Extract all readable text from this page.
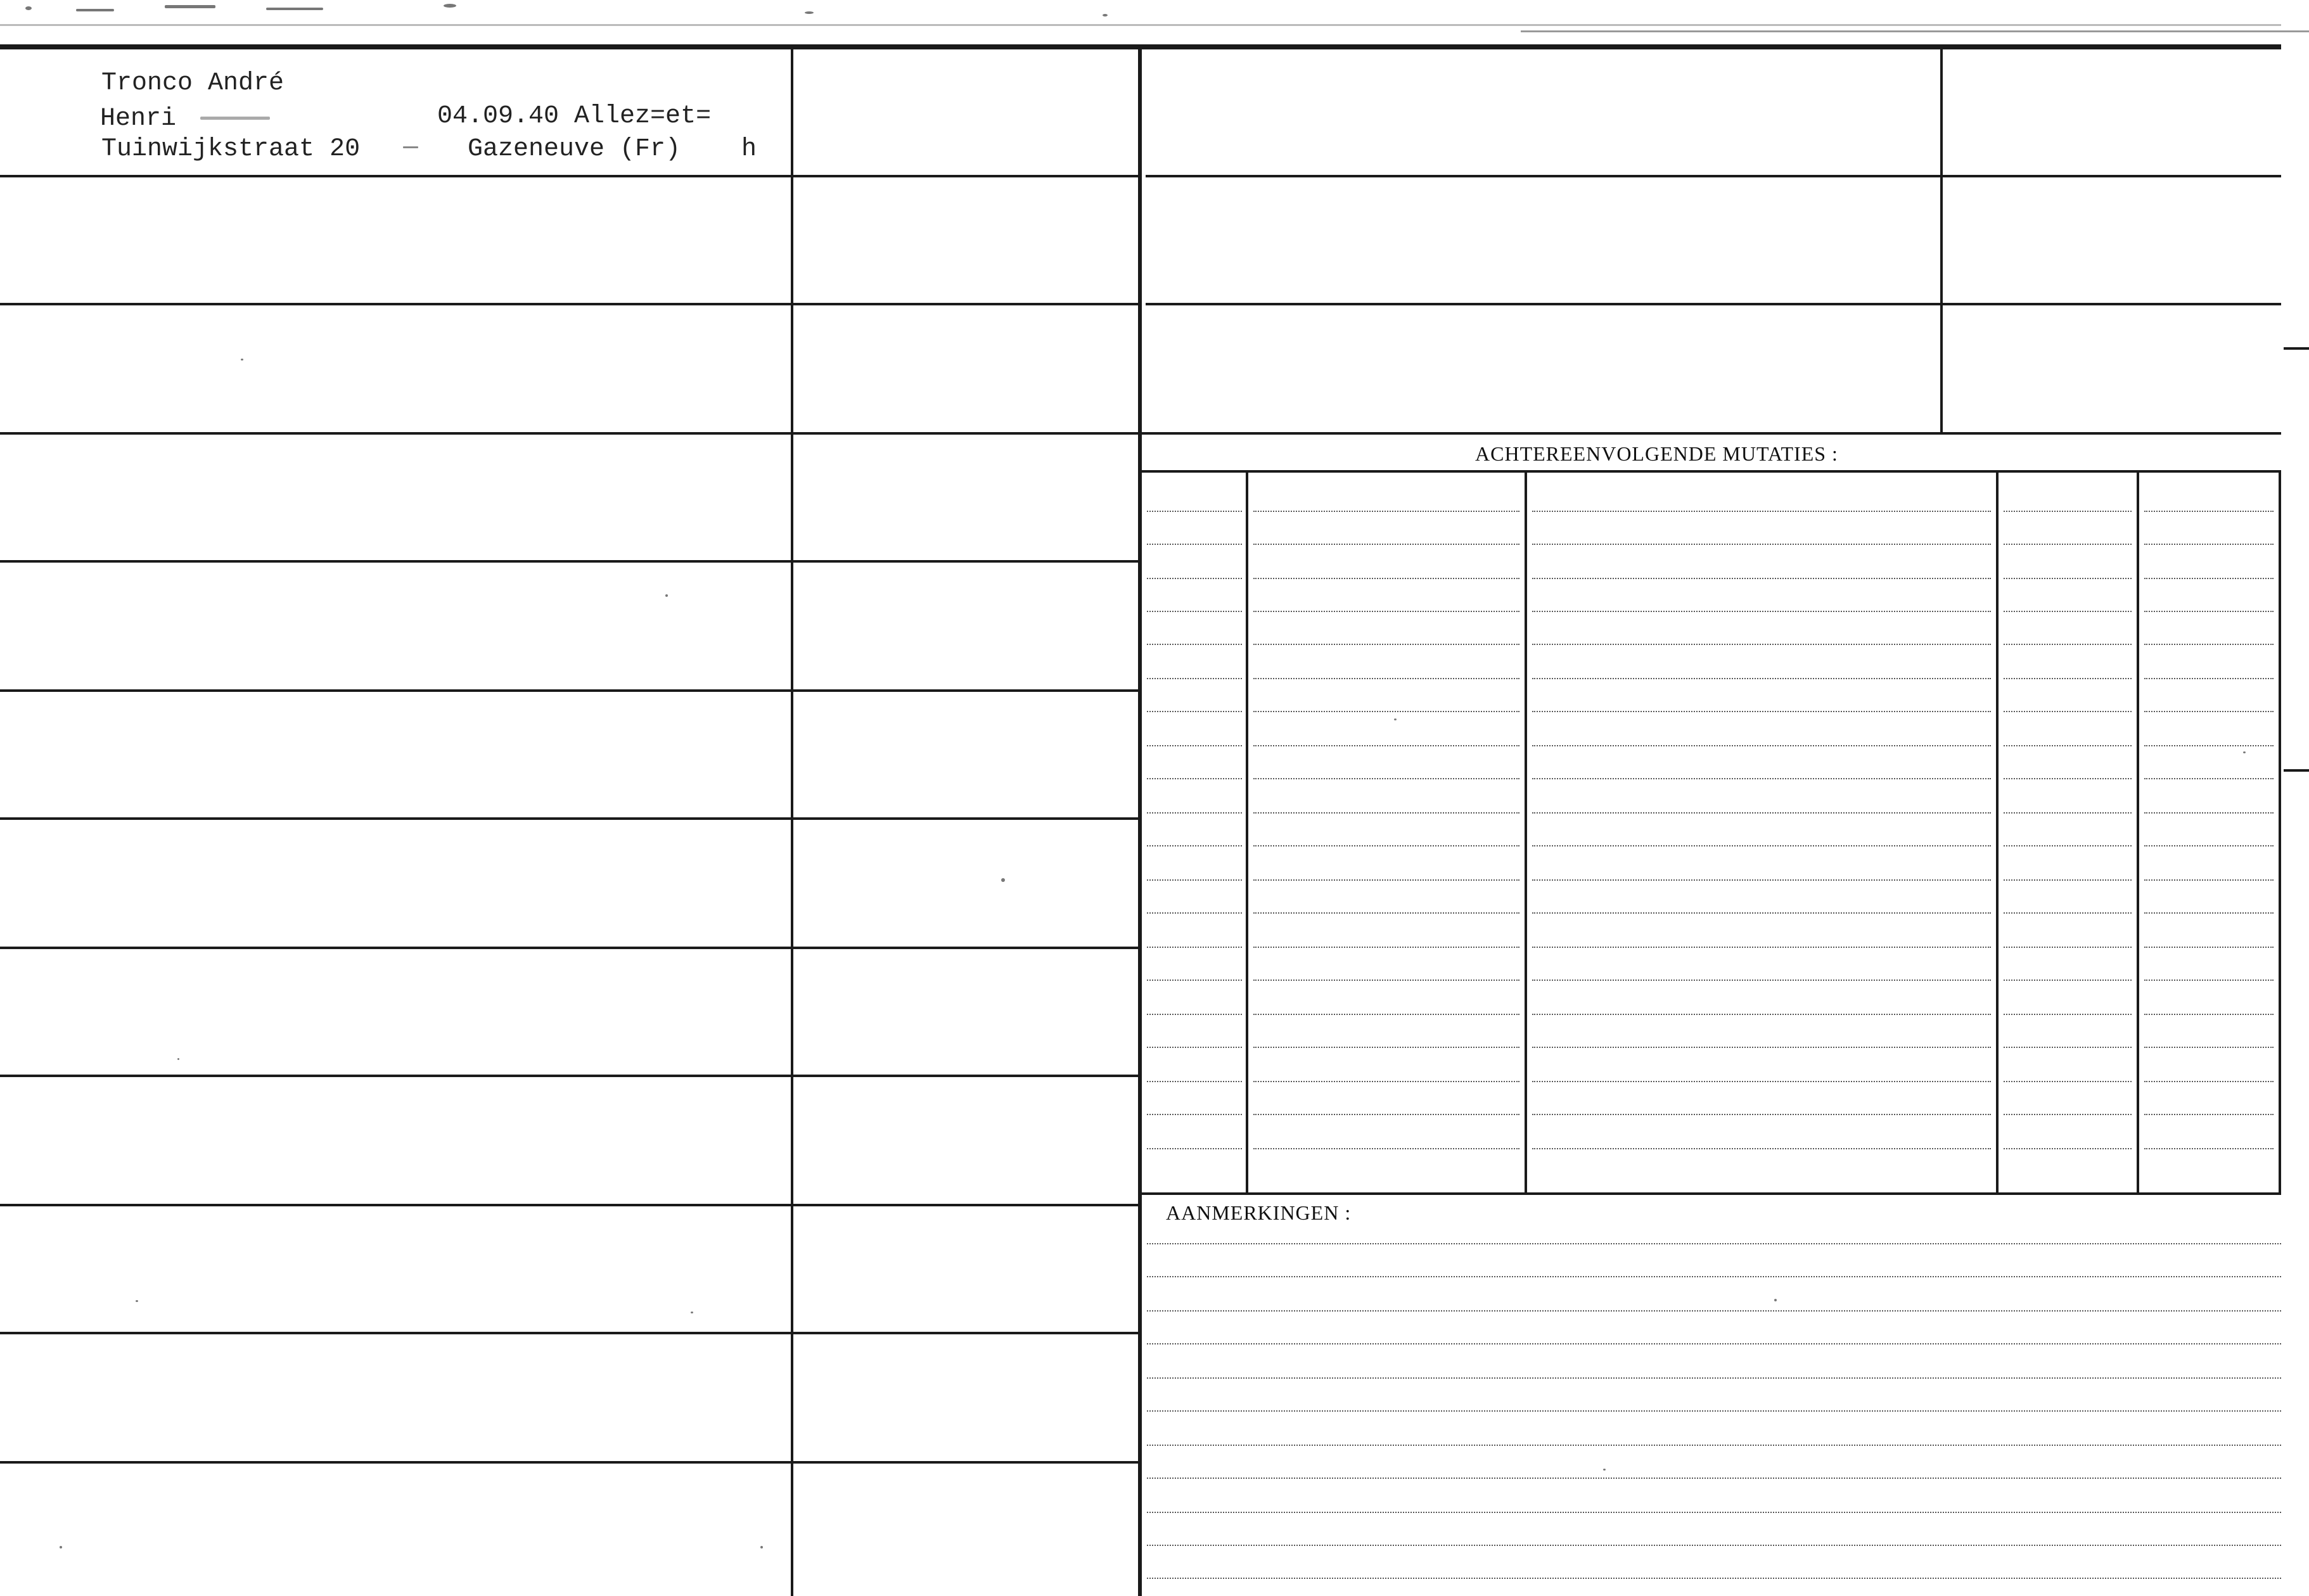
Tronco André
Henri
Tuinwijkstraat 20
04.09.40 Allez=et=
Gazeneuve (Fr) h
ACHTEREENVOLGENDE MUTATIES :
AANMERKINGEN :
